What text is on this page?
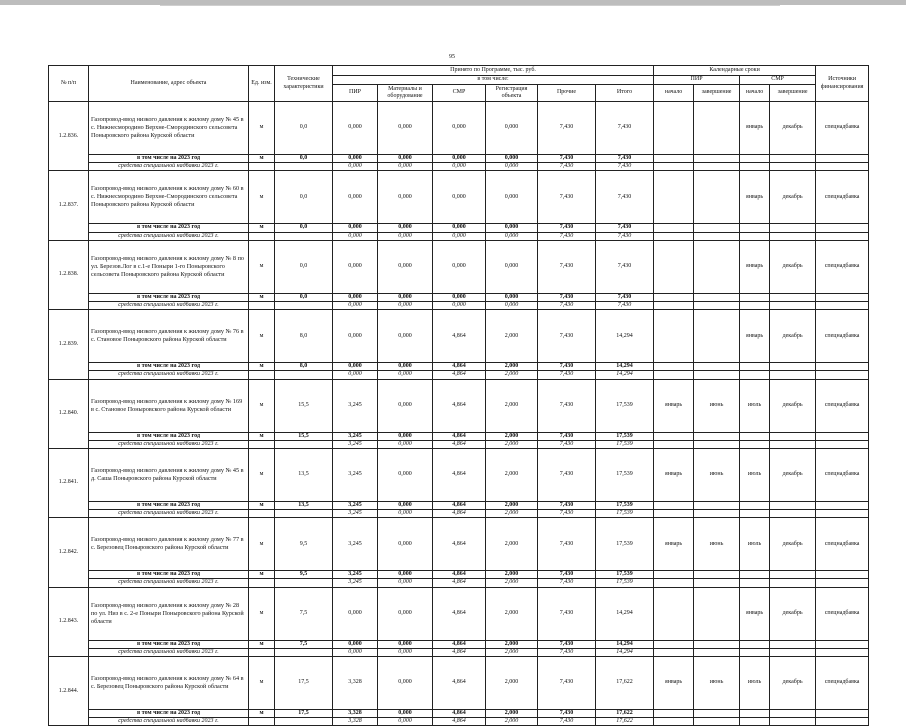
95
№ п/п	Наименование, адрес объекта	Ед. изм.	Технические характеристики	Принято по Программе, тыс. руб.						Календарные сроки				Источники финансирования
				в том числе:						ПИР		СМР		
				ПИР	Материалы и оборудование	СМР	Регистрация объекта	Прочие	Итого	начало	завершение	начало	завершение	
1.2.836.	Газопровод-ввод низкого давления к жилому дому № 45 в с. Нижнесмородино Верхне-Смородинского сельсовета Поныровского района Курской области	м	0,0	0,000	0,000	0,000	0,000	7,430	7,430			январь	декабрь	спецнадбавка
	в том числе на 2023 год	м	0,0	0,000	0,000	0,000	0,000	7,430	7,430					
	средства специальной надбавки 2023 г.			0,000	0,000	0,000	0,000	7,430	7,430					
1.2.837.	Газопровод-ввод низкого давления к жилому дому № 60 в с. Нижнесмородино Верхне-Смородинского сельсовета Поныровского района Курской области	м	0,0	0,000	0,000	0,000	0,000	7,430	7,430			январь	декабрь	спецнадбавка
	в том числе на 2023 год	м	0,0	0,000	0,000	0,000	0,000	7,430	7,430					
	средства специальной надбавки 2023 г.			0,000	0,000	0,000	0,000	7,430	7,430					
1.2.838.	Газопровод-ввод низкого давления к жилому дому № 8 по ул. Березов.Лог в с.1-е Поныри 1-го Поныровского сельсовета Поныровского района Курской области	м	0,0	0,000	0,000	0,000	0,000	7,430	7,430			январь	декабрь	спецнадбавка
	в том числе на 2023 год	м	0,0	0,000	0,000	0,000	0,000	7,430	7,430					
	средства специальной надбавки 2023 г.			0,000	0,000	0,000	0,000	7,430	7,430					
1.2.839.	Газопровод-ввод низкого давления к жилому дому № 76 в с. Становое Поныровского района Курской области	м	8,0	0,000	0,000	4,864	2,000	7,430	14,294			январь	декабрь	спецнадбавка
	в том числе на 2023 год	м	8,0	0,000	0,000	4,864	2,000	7,430	14,294					
	средства специальной надбавки 2023 г.			0,000	0,000	4,864	2,000	7,430	14,294					
1.2.840.	Газопровод-ввод низкого давления к жилому дому № 169 в с. Становое Поныровского района Курской области	м	15,5	3,245	0,000	4,864	2,000	7,430	17,539	январь	июнь	июль	декабрь	спецнадбавка
	в том числе на 2023 год	м	15,5	3,245	0,000	4,864	2,000	7,430	17,539					
	средства специальной надбавки 2023 г.			3,245	0,000	4,864	2,000	7,430	17,539					
1.2.841.	Газопровод-ввод низкого давления к жилому дому № 45 в д. Саша Поныровского района Курской области	м	13,5	3,245	0,000	4,864	2,000	7,430	17,539	январь	июнь	июль	декабрь	спецнадбавка
	в том числе на 2023 год	м	13,5	3,245	0,000	4,864	2,000	7,430	17,539					
	средства специальной надбавки 2023 г.			3,245	0,000	4,864	2,000	7,430	17,539					
1.2.842.	Газопровод-ввод низкого давления к жилому дому № 77 в с. Березовец Поныровского района Курской области	м	9,5	3,245	0,000	4,864	2,000	7,430	17,539	январь	июнь	июль	декабрь	спецнадбавка
	в том числе на 2023 год	м	9,5	3,245	0,000	4,864	2,000	7,430	17,539					
	средства специальной надбавки 2023 г.			3,245	0,000	4,864	2,000	7,430	17,539					
1.2.843.	Газопровод-ввод низкого давления к жилому дому № 28 по ул. Низ в с. 2-е Поныри Поныровского района Курской области	м	7,5	0,000	0,000	4,864	2,000	7,430	14,294			январь	декабрь	спецнадбавка
	в том числе на 2023 год	м	7,5	0,000	0,000	4,864	2,000	7,430	14,294					
	средства специальной надбавки 2023 г.			0,000	0,000	4,864	2,000	7,430	14,294					
1.2.844.	Газопровод-ввод низкого давления к жилому дому № 64 в с. Березовец Поныровского района Курской области	м	17,5	3,328	0,000	4,864	2,000	7,430	17,622	январь	июнь	июль	декабрь	спецнадбавка
	в том числе на 2023 год	м	17,5	3,328	0,000	4,864	2,000	7,430	17,622					
	средства специальной надбавки 2023 г.			3,328	0,000	4,864	2,000	7,430	17,622					
